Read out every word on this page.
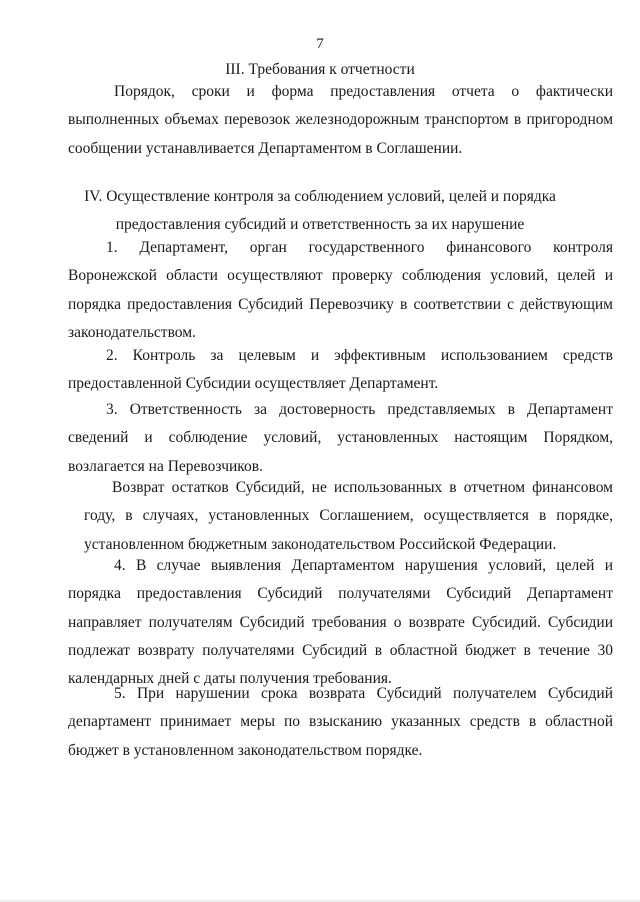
7
III. Требования к отчетности

Порядок, сроки и форма предоставления отчета о фактически выполненных объемах перевозок железнодорожным транспортом в пригородном сообщении устанавливается Департаментом в Соглашении.

IV. Осуществление контроля за соблюдением условий, целей и порядка
предоставления субсидий и ответственность за их нарушение

1. Департамент, орган государственного финансового контроля Воронежской области осуществляют проверку соблюдения условий, целей и порядка предоставления Субсидий Перевозчику в соответствии с действующим законодательством.

2. Контроль за целевым и эффективным использованием средств предоставленной Субсидии осуществляет Департамент.

3. Ответственность за достоверность представляемых в Департамент сведений и соблюдение условий, установленных настоящим Порядком, возлагается на Перевозчиков.

Возврат остатков Субсидий, не использованных в отчетном финансовом году, в случаях, установленных Соглашением, осуществляется в порядке, установленном бюджетным законодательством Российской Федерации.

4. В случае выявления Департаментом нарушения условий, целей и порядка предоставления Субсидий получателями Субсидий Департамент направляет получателям Субсидий требования о возврате Субсидий. Субсидии подлежат возврату получателями Субсидий в областной бюджет в течение 30 календарных дней с даты получения требования.

5. При нарушении срока возврата Субсидий получателем Субсидий департамент принимает меры по взысканию указанных средств в областной бюджет в установленном законодательством порядке.
